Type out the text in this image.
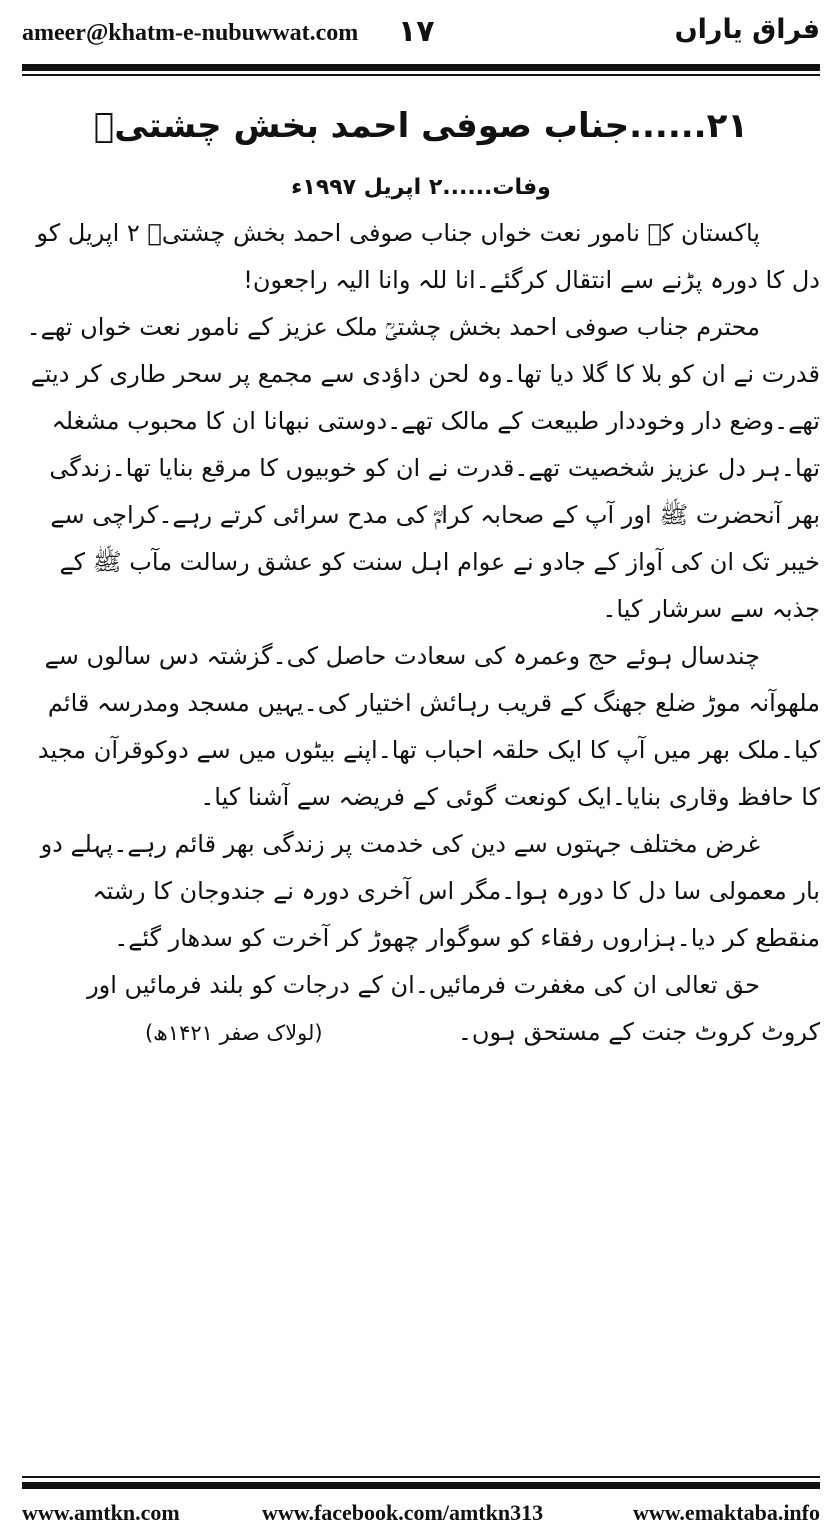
ameer@khatm-e-nubuwwat.com ۱۷	فراق یاراں
۲۱......جناب صوفی احمد بخش چشتیؒ
وفات......۲ اپریل ۱۹۹۷ء

پاکستان کے نامور نعت خواں جناب صوفی احمد بخش چشتیؒ ۲ اپریل کو دل کا دورہ پڑنے سے انتقال کرگئے۔انا للہ وانا الیہ راجعون!

محترم جناب صوفی احمد بخش چشتیؒ ملک عزیز کے نامور نعت خواں تھے۔قدرت نے ان کو بلا کا گلا دیا تھا۔وہ لحن داؤدی سے مجمع پر سحر طاری کر دیتے تھے۔وضع دار وخوددار طبیعت کے مالک تھے۔دوستی نبھانا ان کا محبوب مشغلہ تھا۔ہر دل عزیز شخصیت تھے۔قدرت نے ان کو خوبیوں کا مرقع بنایا تھا۔زندگی بھر آنحضرت ﷺ اور آپ کے صحابہ کرامؓ کی مدح سرائی کرتے رہے۔کراچی سے خیبر تک ان کی آواز کے جادو نے عوام اہل سنت کو عشق رسالت مآب ﷺ کے جذبہ سے سرشار کیا۔

چندسال ہوئے حج وعمرہ کی سعادت حاصل کی۔گزشتہ دس سالوں سے ملھوآنہ موڑ ضلع جھنگ کے قریب رہائش اختیار کی۔یہیں مسجد ومدرسہ قائم کیا۔ملک بھر میں آپ کا ایک حلقہ احباب تھا۔اپنے بیٹوں میں سے دوکوقرآن مجید کا حافظ وقاری بنایا۔ایک کونعت گوئی کے فریضہ سے آشنا کیا۔

غرض مختلف جہتوں سے دین کی خدمت پر زندگی بھر قائم رہے۔پہلے دو بار معمولی سا دل کا دورہ ہوا۔مگر اس آخری دورہ نے جندوجان کا رشتہ منقطع کر دیا۔ہزاروں رفقاء کو سوگوار چھوڑ کر آخرت کو سدھار گئے۔

حق تعالی ان کی مغفرت فرمائیں۔ان کے درجات کو بلند فرمائیں اور کروٹ کروٹ جنت کے مستحق ہوں۔  (لولاک صفر ۱۴۲۱ھ)

www.amtkn.com	www.facebook.com/amtkn313	www.emaktaba.info
